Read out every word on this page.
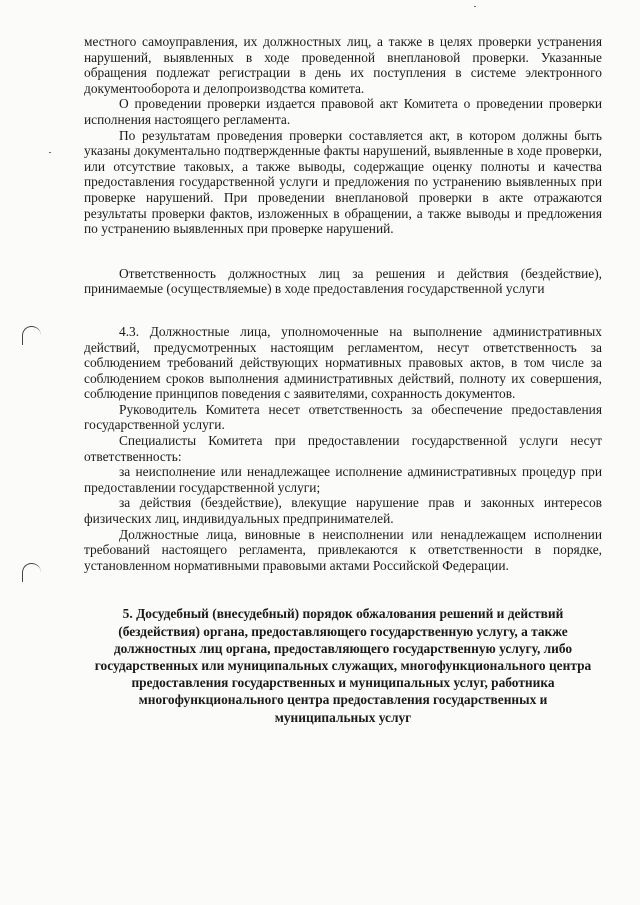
местного самоуправления, их должностных лиц, а также в целях проверки устранения нарушений, выявленных в ходе проведенной внеплановой проверки. Указанные обращения подлежат регистрации в день их поступления в системе электронного документооборота и делопроизводства комитета.

О проведении проверки издается правовой акт Комитета о проведении проверки исполнения настоящего регламента.

По результатам проведения проверки составляется акт, в котором должны быть указаны документально подтвержденные факты нарушений, выявленные в ходе проверки, или отсутствие таковых, а также выводы, содержащие оценку полноты и качества предоставления государственной услуги и предложения по устранению выявленных при проверке нарушений. При проведении внеплановой проверки в акте отражаются результаты проверки фактов, изложенных в обращении, а также выводы и предложения по устранению выявленных при проверке нарушений.

Ответственность должностных лиц за решения и действия (бездействие), принимаемые (осуществляемые) в ходе предоставления государственной услуги

4.3. Должностные лица, уполномоченные на выполнение административных действий, предусмотренных настоящим регламентом, несут ответственность за соблюдением требований действующих нормативных правовых актов, в том числе за соблюдением сроков выполнения административных действий, полноту их совершения, соблюдение принципов поведения с заявителями, сохранность документов.

Руководитель Комитета несет ответственность за обеспечение предоставления государственной услуги.

Специалисты Комитета при предоставлении государственной услуги несут ответственность:

за неисполнение или ненадлежащее исполнение административных процедур при предоставлении государственной услуги;

за действия (бездействие), влекущие нарушение прав и законных интересов физических лиц, индивидуальных предпринимателей.

Должностные лица, виновные в неисполнении или ненадлежащем исполнении требований настоящего регламента, привлекаются к ответственности в порядке, установленном нормативными правовыми актами Российской Федерации.

5. Досудебный (внесудебный) порядок обжалования решений и действий (бездействия) органа, предоставляющего государственную услугу, а также должностных лиц органа, предоставляющего государственную услугу, либо государственных или муниципальных служащих, многофункционального центра предоставления государственных и муниципальных услуг, работника многофункционального центра предоставления государственных и муниципальных услуг
